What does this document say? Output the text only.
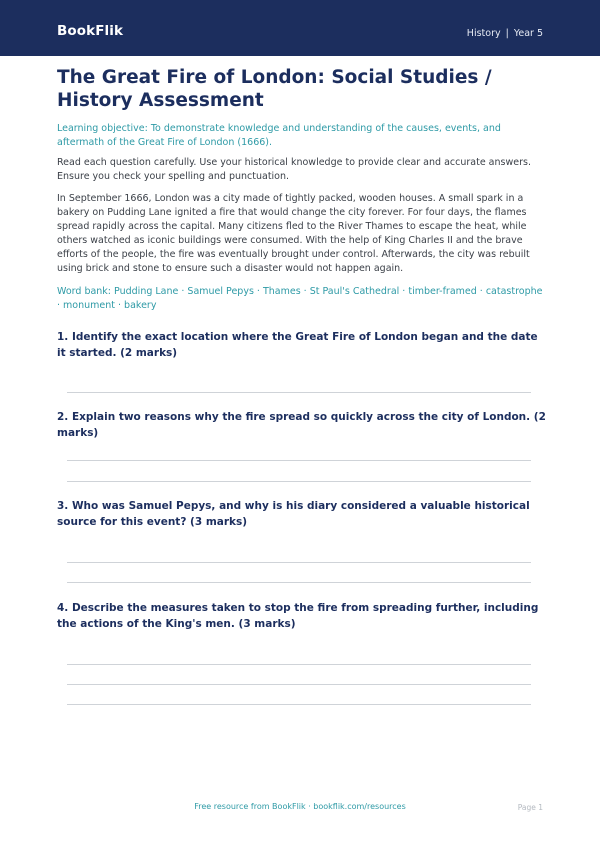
BookFlik	History | Year 5
The Great Fire of London: Social Studies / History Assessment
Learning objective: To demonstrate knowledge and understanding of the causes, events, and aftermath of the Great Fire of London (1666).
Read each question carefully. Use your historical knowledge to provide clear and accurate answers. Ensure you check your spelling and punctuation.
In September 1666, London was a city made of tightly packed, wooden houses. A small spark in a bakery on Pudding Lane ignited a fire that would change the city forever. For four days, the flames spread rapidly across the capital. Many citizens fled to the River Thames to escape the heat, while others watched as iconic buildings were consumed. With the help of King Charles II and the brave efforts of the people, the fire was eventually brought under control. Afterwards, the city was rebuilt using brick and stone to ensure such a disaster would not happen again.
Word bank: Pudding Lane · Samuel Pepys · Thames · St Paul's Cathedral · timber-framed · catastrophe · monument · bakery
1. Identify the exact location where the Great Fire of London began and the date it started. (2 marks)
2. Explain two reasons why the fire spread so quickly across the city of London. (2 marks)
3. Who was Samuel Pepys, and why is his diary considered a valuable historical source for this event? (3 marks)
4. Describe the measures taken to stop the fire from spreading further, including the actions of the King's men. (3 marks)
Free resource from BookFlik · bookflik.com/resources	Page 1
